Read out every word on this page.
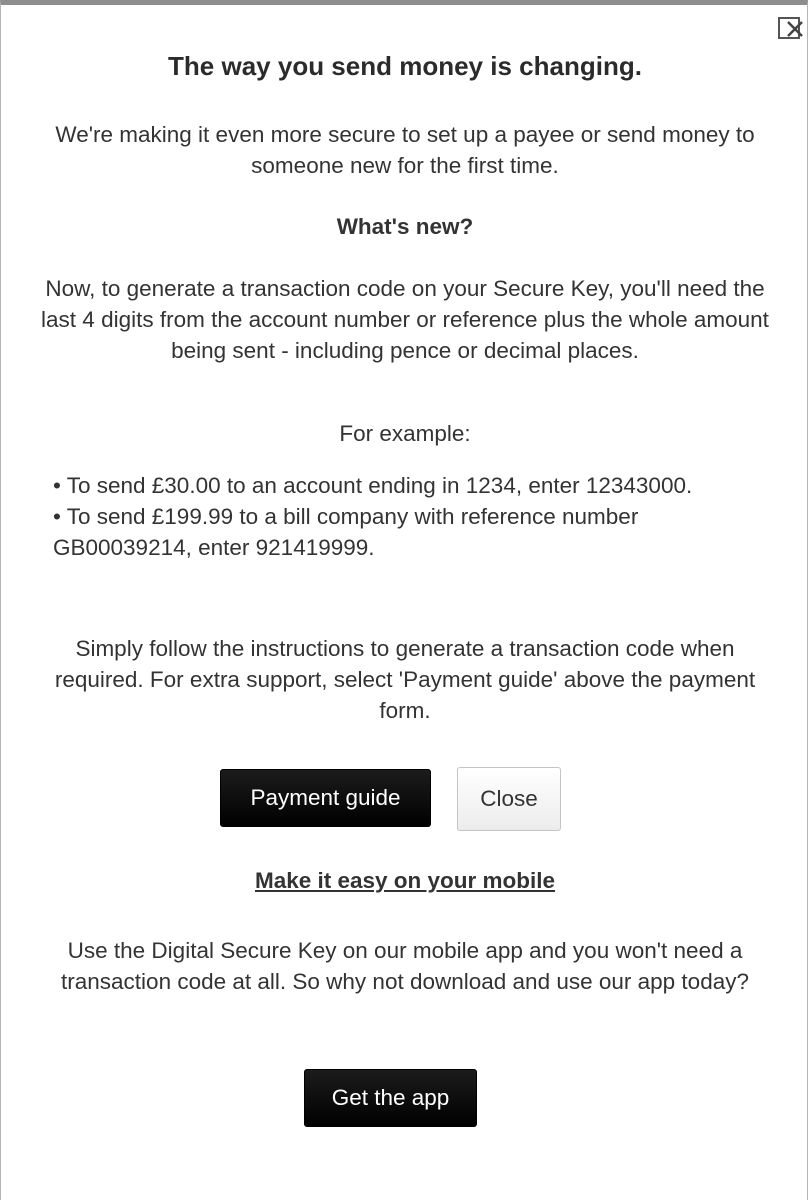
The way you send money is changing.

We're making it even more secure to set up a payee or send money to someone new for the first time.

What's new?

Now, to generate a transaction code on your Secure Key, you'll need the last 4 digits from the account number or reference plus the whole amount being sent - including pence or decimal places.

For example:

• To send £30.00 to an account ending in 1234, enter 12343000.
• To send £199.99 to a bill company with reference number GB00039214, enter 921419999.

Simply follow the instructions to generate a transaction code when required. For extra support, select 'Payment guide' above the payment form.

Payment guide	Close
Make it easy on your mobile

Use the Digital Secure Key on our mobile app and you won't need a transaction code at all. So why not download and use our app today?

Get the app
